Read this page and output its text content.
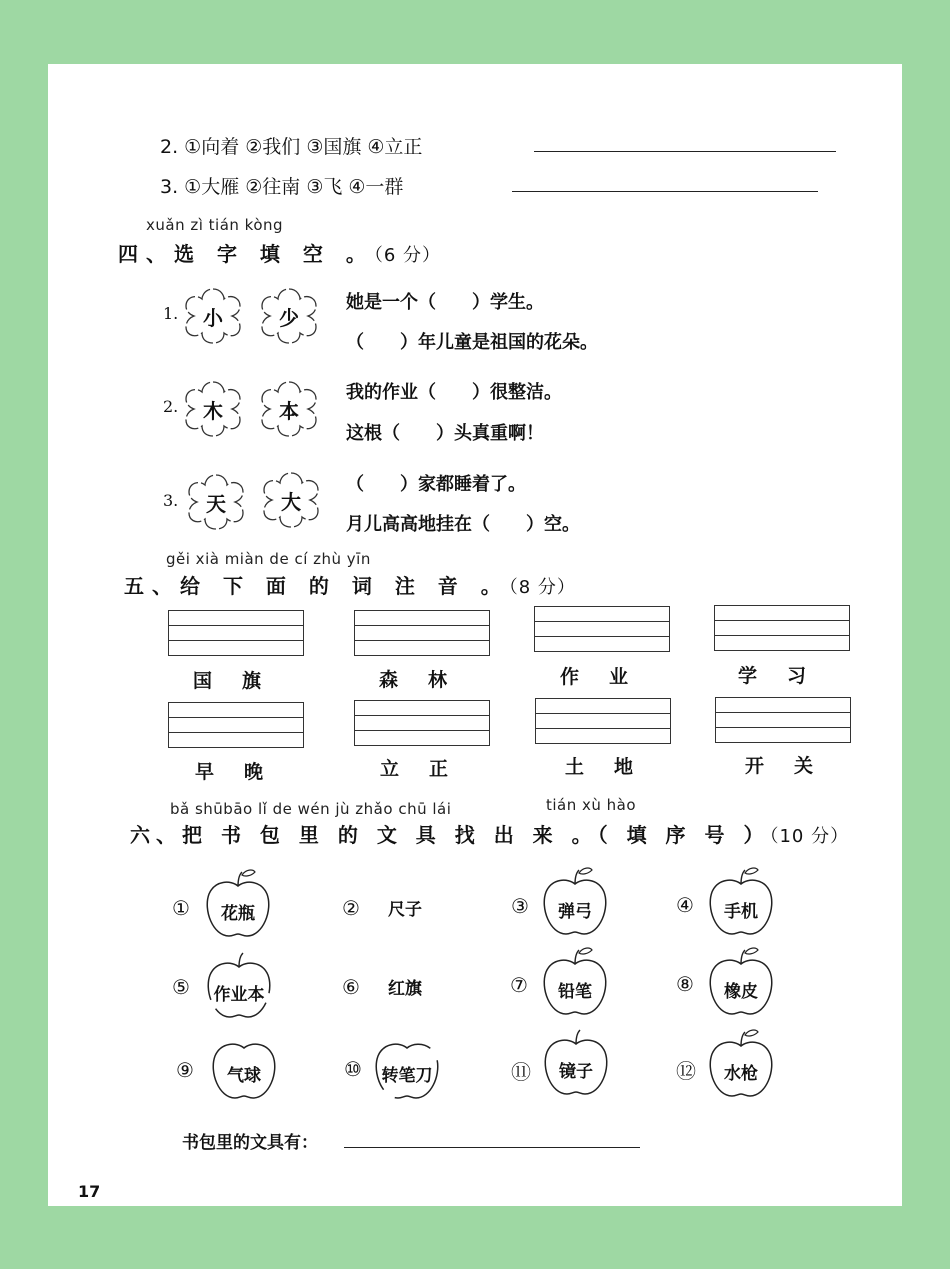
2. ①向着 ②我们 ③国旗 ④立正
3. ①大雁 ②往南 ③飞 ④一群
xuǎn zì tián kòng
四、选 字 填 空 。（6 分）
1.	小	少
她是一个（　　）学生。
（　　）年儿童是祖国的花朵。
2.	木	本
我的作业（　　）很整洁。
这根（　　）头真重啊！
3.	天	大
（　　）家都睡着了。
月儿高高地挂在（　　）空。
gěi xià miàn de cí zhù yīn
五、给 下 面 的 词 注 音 。（8 分）
国旗	森林	作业	学习
早晚	立正	土地	开关
bǎ shūbāo lǐ de wén jù zhǎo chū lái	tián xù hào
六、把 书 包 里 的 文 具 找 出 来 。（ 填 序 号 ）（10 分）
①	花瓶	② 尺子	③	弹弓	④	手机
⑤	作业本	⑥ 红旗	⑦	铅笔	⑧	橡皮
⑨	气球	⑩	转笔刀	⑪	镜子	⑫	水枪
书包里的文具有：
17
